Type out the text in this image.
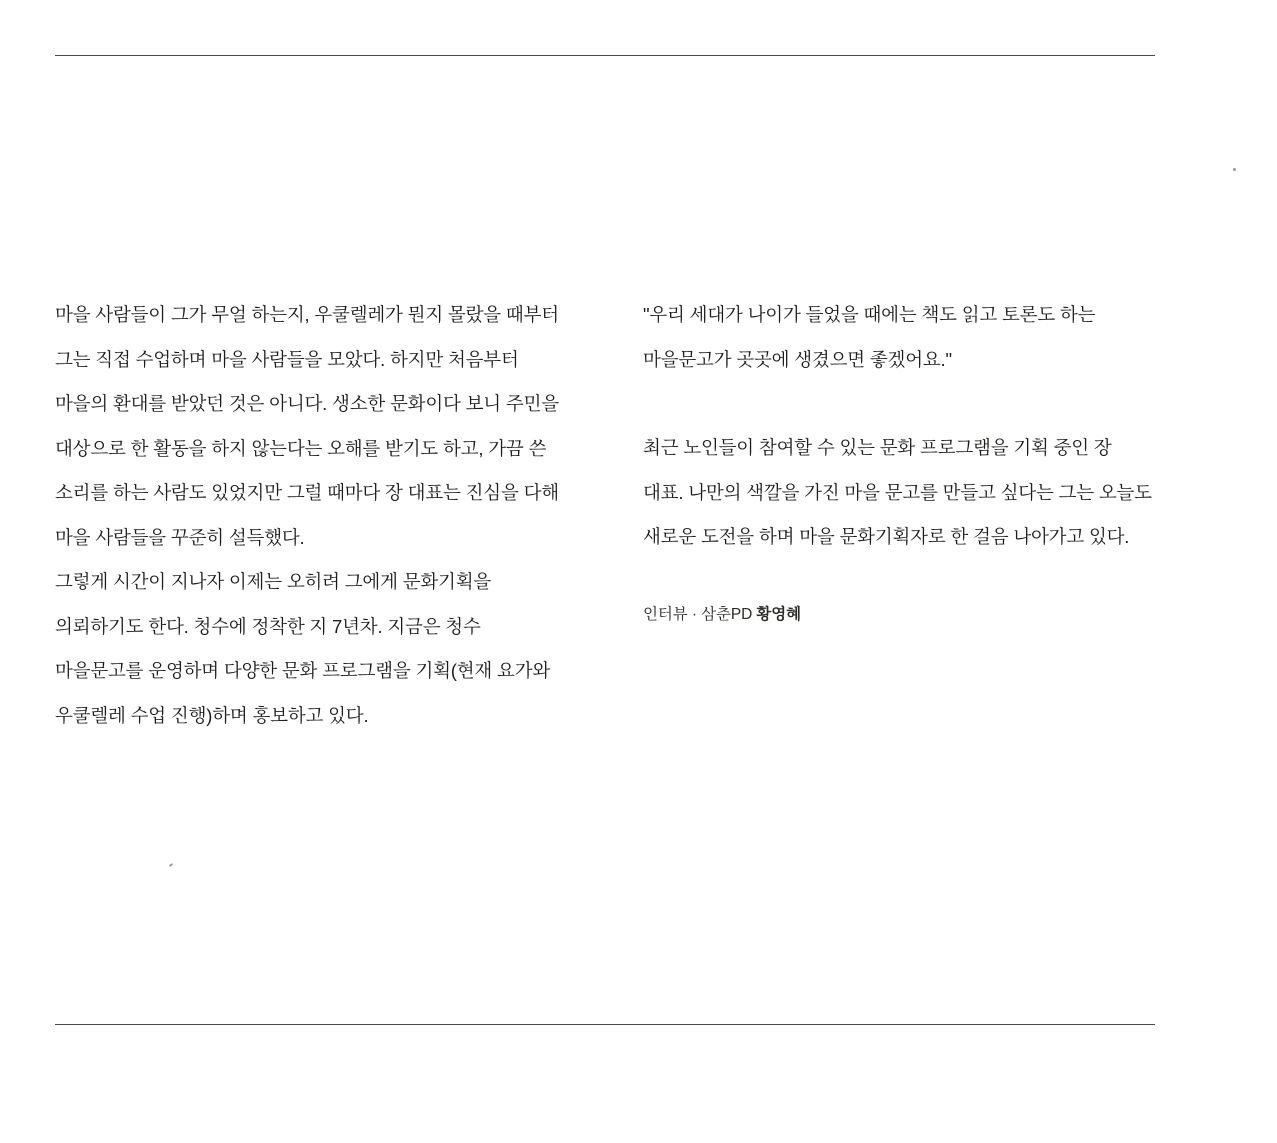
마을 사람들이 그가 무얼 하는지, 우쿨렐레가 뭔지 몰랐을 때부터 그는 직접 수업하며 마을 사람들을 모았다. 하지만 처음부터 마을의 환대를 받았던 것은 아니다. 생소한 문화이다 보니 주민을 대상으로 한 활동을 하지 않는다는 오해를 받기도 하고, 가끔 쓴 소리를 하는 사람도 있었지만 그럴 때마다 장 대표는 진심을 다해 마을 사람들을 꾸준히 설득했다.

그렇게 시간이 지나자 이제는 오히려 그에게 문화기획을 의뢰하기도 한다. 청수에 정착한 지 7년차. 지금은 청수 마을문고를 운영하며 다양한 문화 프로그램을 기획(현재 요가와 우쿨렐레 수업 진행)하며 홍보하고 있다.

"우리 세대가 나이가 들었을 때에는 책도 읽고 토론도 하는 마을문고가 곳곳에 생겼으면 좋겠어요."

최근 노인들이 참여할 수 있는 문화 프로그램을 기획 중인 장 대표. 나만의 색깔을 가진 마을 문고를 만들고 싶다는 그는 오늘도 새로운 도전을 하며 마을 문화기획자로 한 걸음 나아가고 있다.

인터뷰 · 삼춘PD 황영혜
